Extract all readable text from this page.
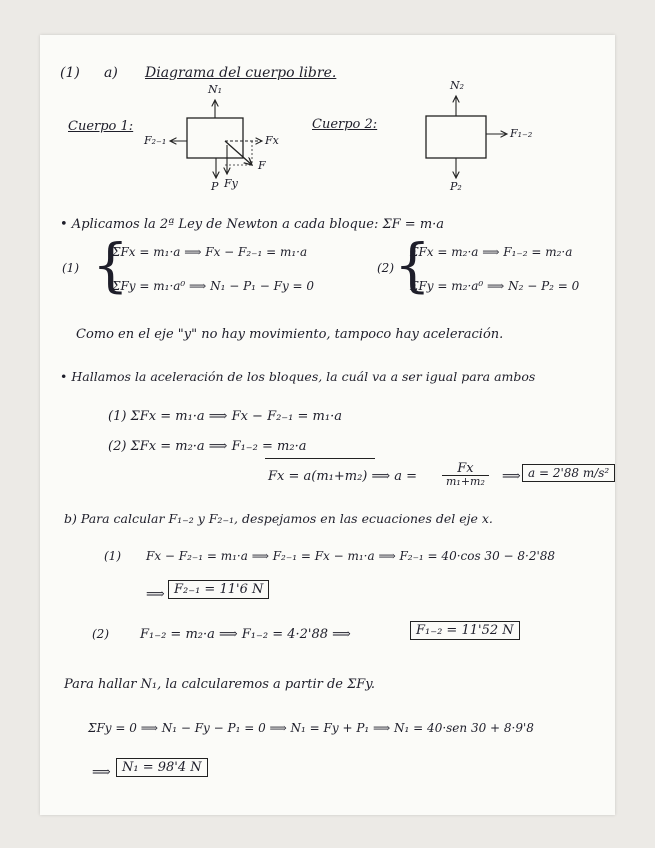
(1) a) Diagrama del cuerpo libre.
Cuerpo 1:	Cuerpo 2:
N₁
F₂₋₁	Fx
F
P Fy
N₂
F₁₋₂
P₂
• Aplicamos la 2ª Ley de Newton a cada bloque: ΣF = m·a
(1) {
ΣFx = m₁·a ⟹ Fx − F₂₋₁ = m₁·a
ΣFy = m₁·a⁰ ⟹ N₁ − P₁ − Fy = 0
(2) {
ΣFx = m₂·a ⟹ F₁₋₂ = m₂·a
ΣFy = m₂·a⁰ ⟹ N₂ − P₂ = 0
Como en el eje "y" no hay movimiento, tampoco hay aceleración.
• Hallamos la aceleración de los bloques, la cuál va a ser igual para ambos
(1) ΣFx = m₁·a ⟹ Fx − F₂₋₁ = m₁·a
(2) ΣFx = m₂·a ⟹ F₁₋₂ = m₂·a
Fx = a(m₁+m₂) ⟹ a =
Fx
m₁+m₂	⟹ a = 2'88 m/s²
b) Para calcular F₁₋₂ y F₂₋₁, despejamos en las ecuaciones del eje x.
(1) Fx − F₂₋₁ = m₁·a ⟹ F₂₋₁ = Fx − m₁·a ⟹ F₂₋₁ = 40·cos 30 − 8·2'88
⟹ F₂₋₁ = 11'6 N
(2) F₁₋₂ = m₂·a ⟹ F₁₋₂ = 4·2'88 ⟹	F₁₋₂ = 11'52 N
Para hallar N₁, la calcularemos a partir de ΣFy.
ΣFy = 0 ⟹ N₁ − Fy − P₁ = 0 ⟹ N₁ = Fy + P₁ ⟹ N₁ = 40·sen 30 + 8·9'8
⟹ N₁ = 98'4 N
